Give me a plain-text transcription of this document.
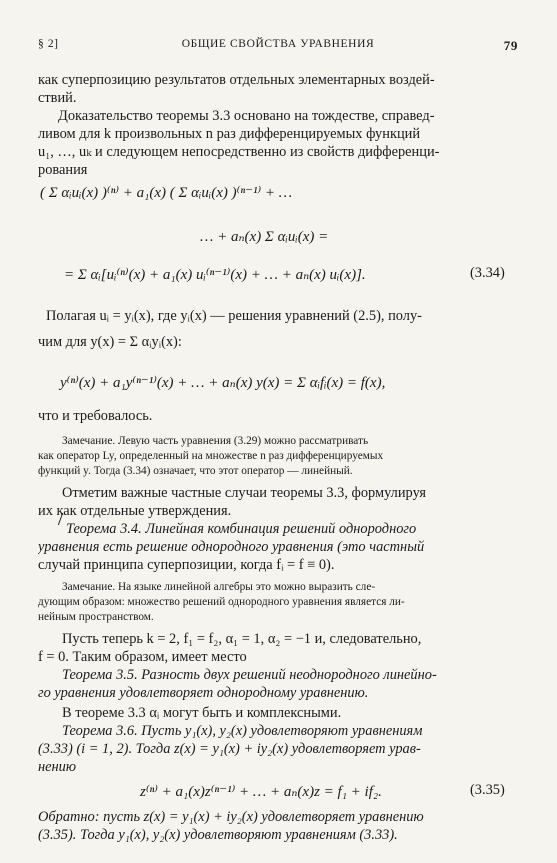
§ 2]	ОБЩИЕ СВОЙСТВА УРАВНЕНИЯ	79
как суперпозицию результатов отдельных элементарных воздей-
ствий.
Доказательство теоремы 3.3 основано на тождестве, справед-
ливом для k произвольных n раз дифференцируемых функций
u₁, …, uₖ и следующем непосредственно из свойств дифференци-
рования
( Σ αᵢuᵢ(x) )⁽ⁿ⁾ + a₁(x) ( Σ αᵢuᵢ(x) )⁽ⁿ⁻¹⁾ + …
… + aₙ(x) Σ αᵢuᵢ(x) =
= Σ αᵢ[uᵢ⁽ⁿ⁾(x) + a₁(x) uᵢ⁽ⁿ⁻¹⁾(x) + … + aₙ(x) uᵢ(x)].	(3.34)
Полагая uᵢ = yᵢ(x), где yᵢ(x) — решения уравнений (2.5), полу-
чим для y(x) = Σ αᵢyᵢ(x):
y⁽ⁿ⁾(x) + a₁y⁽ⁿ⁻¹⁾(x) + … + aₙ(x) y(x) = Σ αᵢfᵢ(x) = f(x),
что и требовалось.
Замечание. Левую часть уравнения (3.29) можно рассматривать
как оператор Ly, определенный на множестве n раз дифференцируемых
функций y. Тогда (3.34) означает, что этот оператор — линейный.
Отметим важные частные случаи теоремы 3.3, формулируя
их как отдельные утверждения.
Теорема 3.4. Линейная комбинация решений однородного
уравнения есть решение однородного уравнения (это частный
случай принципа суперпозиции, когда fᵢ = f ≡ 0).
Замечание. На языке линейной алгебры это можно выразить сле-
дующим образом: множество решений однородного уравнения является ли-
нейным пространством.
Пусть теперь k = 2, f₁ = f₂, α₁ = 1, α₂ = −1 и, следовательно,
f = 0. Таким образом, имеет место
Теорема 3.5. Разность двух решений неоднородного линейно-
го уравнения удовлетворяет однородному уравнению.
В теореме 3.3 αᵢ могут быть и комплексными.
Теорема 3.6. Пусть y₁(x), y₂(x) удовлетворяют уравнениям
(3.33) (i = 1, 2). Тогда z(x) = y₁(x) + iy₂(x) удовлетворяет урав-
нению
z⁽ⁿ⁾ + a₁(x)z⁽ⁿ⁻¹⁾ + … + aₙ(x)z = f₁ + if₂.	(3.35)
Обратно: пусть z(x) = y₁(x) + iy₂(x) удовлетворяет уравнению
(3.35). Тогда y₁(x), y₂(x) удовлетворяют уравнениям (3.33).
